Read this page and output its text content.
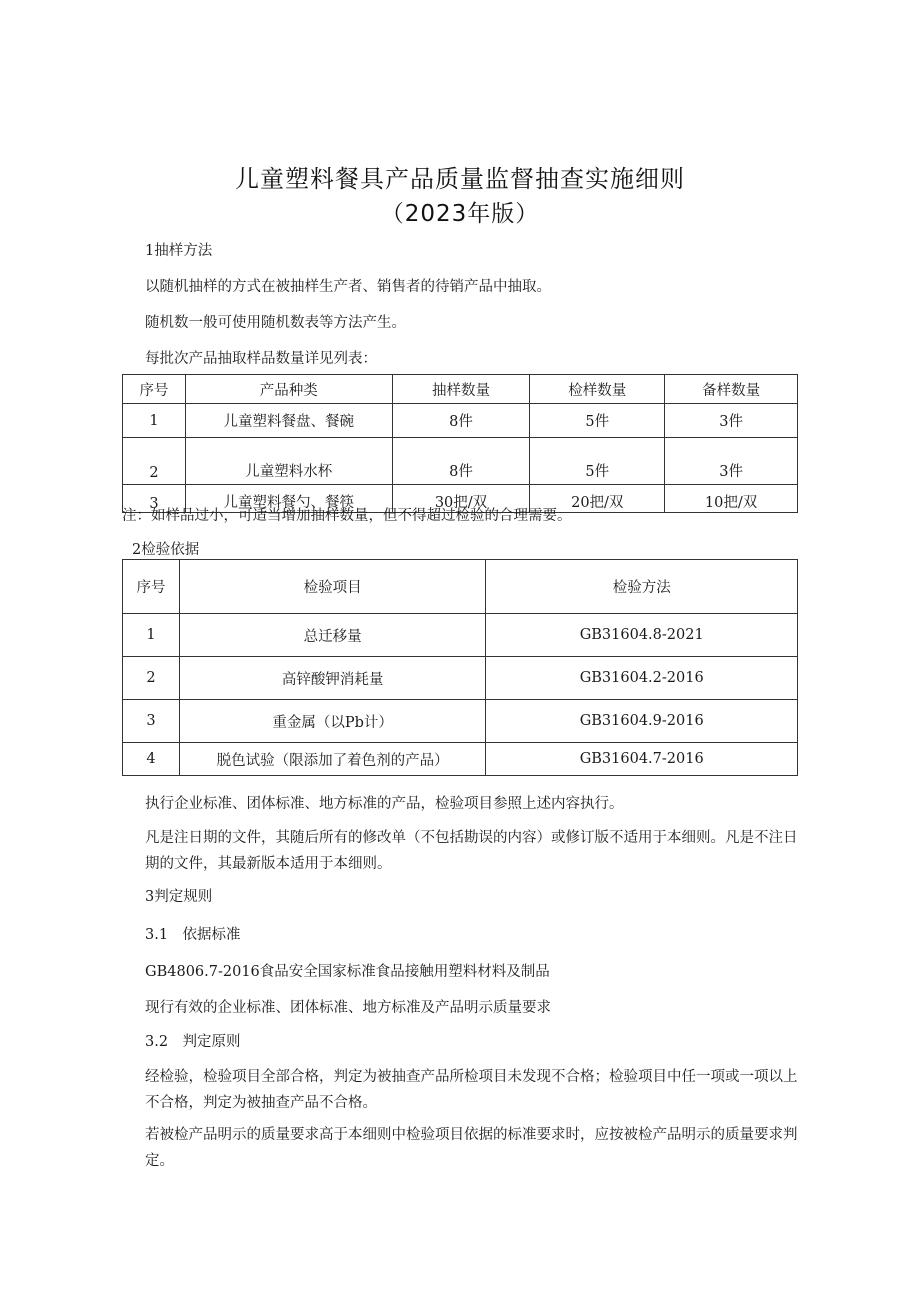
儿童塑料餐具产品质量监督抽查实施细则
（2023年版）
1抽样方法
以随机抽样的方式在被抽样生产者、销售者的待销产品中抽取。
随机数一般可使用随机数表等方法产生。
每批次产品抽取样品数量详见列表：
序号	产品种类	抽样数量	检样数量	备样数量
1	儿童塑料餐盘、餐碗	8件	5件	3件
2	儿童塑料水杯	8件	5件	3件
3	儿童塑料餐勺、餐筷	30把/双	20把/双	10把/双
注：如样品过小，可适当增加抽样数量，但不得超过检验的合理需要。
2检验依据
序号	检验项目	检验方法
1	总迁移量	GB31604.8-2021
2	高锌酸钾消耗量	GB31604.2-2016
3	重金属（以Pb计）	GB31604.9-2016
4	脱色试验（限添加了着色剂的产品）	GB31604.7-2016
执行企业标准、团体标准、地方标准的产品，检验项目参照上述内容执行。
凡是注日期的文件，其随后所有的修改单（不包括勘误的内容）或修订版不适用于本细则。凡是不注日期的文件，其最新版本适用于本细则。
3判定规则
3.1　依据标准
GB4806.7-2016食品安全国家标准食品接触用塑料材料及制品
现行有效的企业标准、团体标准、地方标准及产品明示质量要求
3.2　判定原则
经检验，检验项目全部合格，判定为被抽查产品所检项目未发现不合格；检验项目中任一项或一项以上不合格，判定为被抽查产品不合格。
若被检产品明示的质量要求高于本细则中检验项目依据的标准要求时，应按被检产品明示的质量要求判定。
